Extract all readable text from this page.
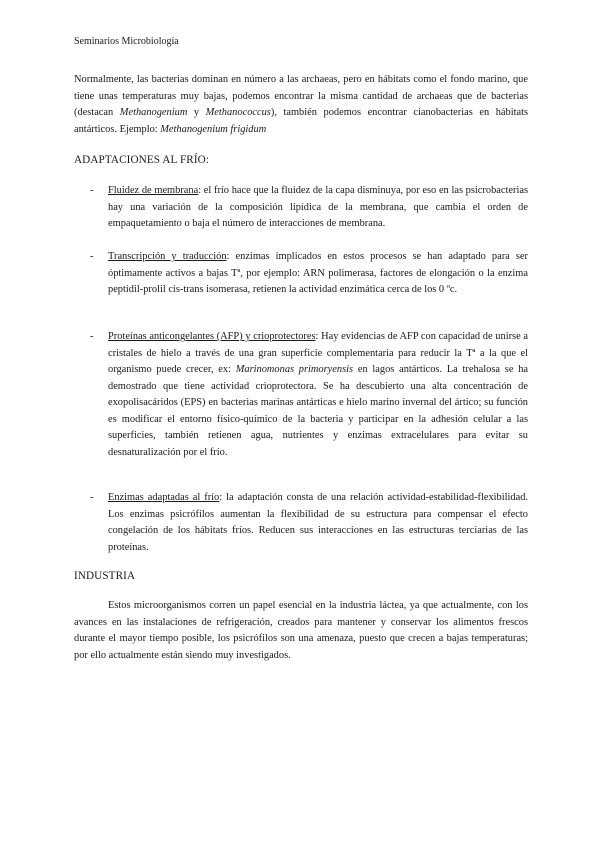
Seminarios Microbiología

Normalmente, las bacterias dominan en número a las archaeas, pero en hábitats como el fondo marino, que tiene unas temperaturas muy bajas, podemos encontrar la misma cantidad de archaeas que de bacterias (destacan Methanogenium y Methanococcus), también podemos encontrar cianobacterias en hábitats antárticos. Ejemplo: Methanogenium frigidum

ADAPTACIONES AL FRÍO:
- Fluidez de membrana: el frío hace que la fluidez de la capa disminuya, por eso en las psicrobacterias hay una variación de la composición lipídica de la membrana, que cambia el orden de empaquetamiento o baja el número de interacciones de membrana.
- Transcripción y traducción: enzimas implicados en estos procesos se han adaptado para ser óptimamente activos a bajas Tª, por ejemplo: ARN polimerasa, factores de elongación o la enzima peptidil-prolil cis-trans isomerasa, retienen la actividad enzimática cerca de los 0 ºc.
- Proteínas anticongelantes (AFP) y crioprotectores: Hay evidencias de AFP con capacidad de unirse a cristales de hielo a través de una gran superficie complementaria para reducir la Tª a la que el organismo puede crecer, ex: Marinomonas primoryensis en lagos antárticos. La trehalosa se ha demostrado que tiene actividad crioprotectora. Se ha descubierto una alta concentración de exopolisacáridos (EPS) en bacterias marinas antárticas e hielo marino invernal del ártico; su función es modificar el entorno físico-químico de la bacteria y participar en la adhesión celular a las superficies, también retienen agua, nutrientes y enzimas extracelulares para evitar su desnaturalización por el frío.
- Enzimas adaptadas al frío: la adaptación consta de una relación actividad-estabilidad-flexibilidad. Los enzimas psicrófilos aumentan la flexibilidad de su estructura para compensar el efecto congelación de los hábitats fríos. Reducen sus interacciones en las estructuras terciarias de las proteínas.
INDUSTRIA

Estos microorganismos corren un papel esencial en la industria láctea, ya que actualmente, con los avances en las instalaciones de refrigeración, creados para mantener y conservar los alimentos frescos durante el mayor tiempo posible, los psicrófilos son una amenaza, puesto que crecen a bajas temperaturas; por ello actualmente están siendo muy investigados.
